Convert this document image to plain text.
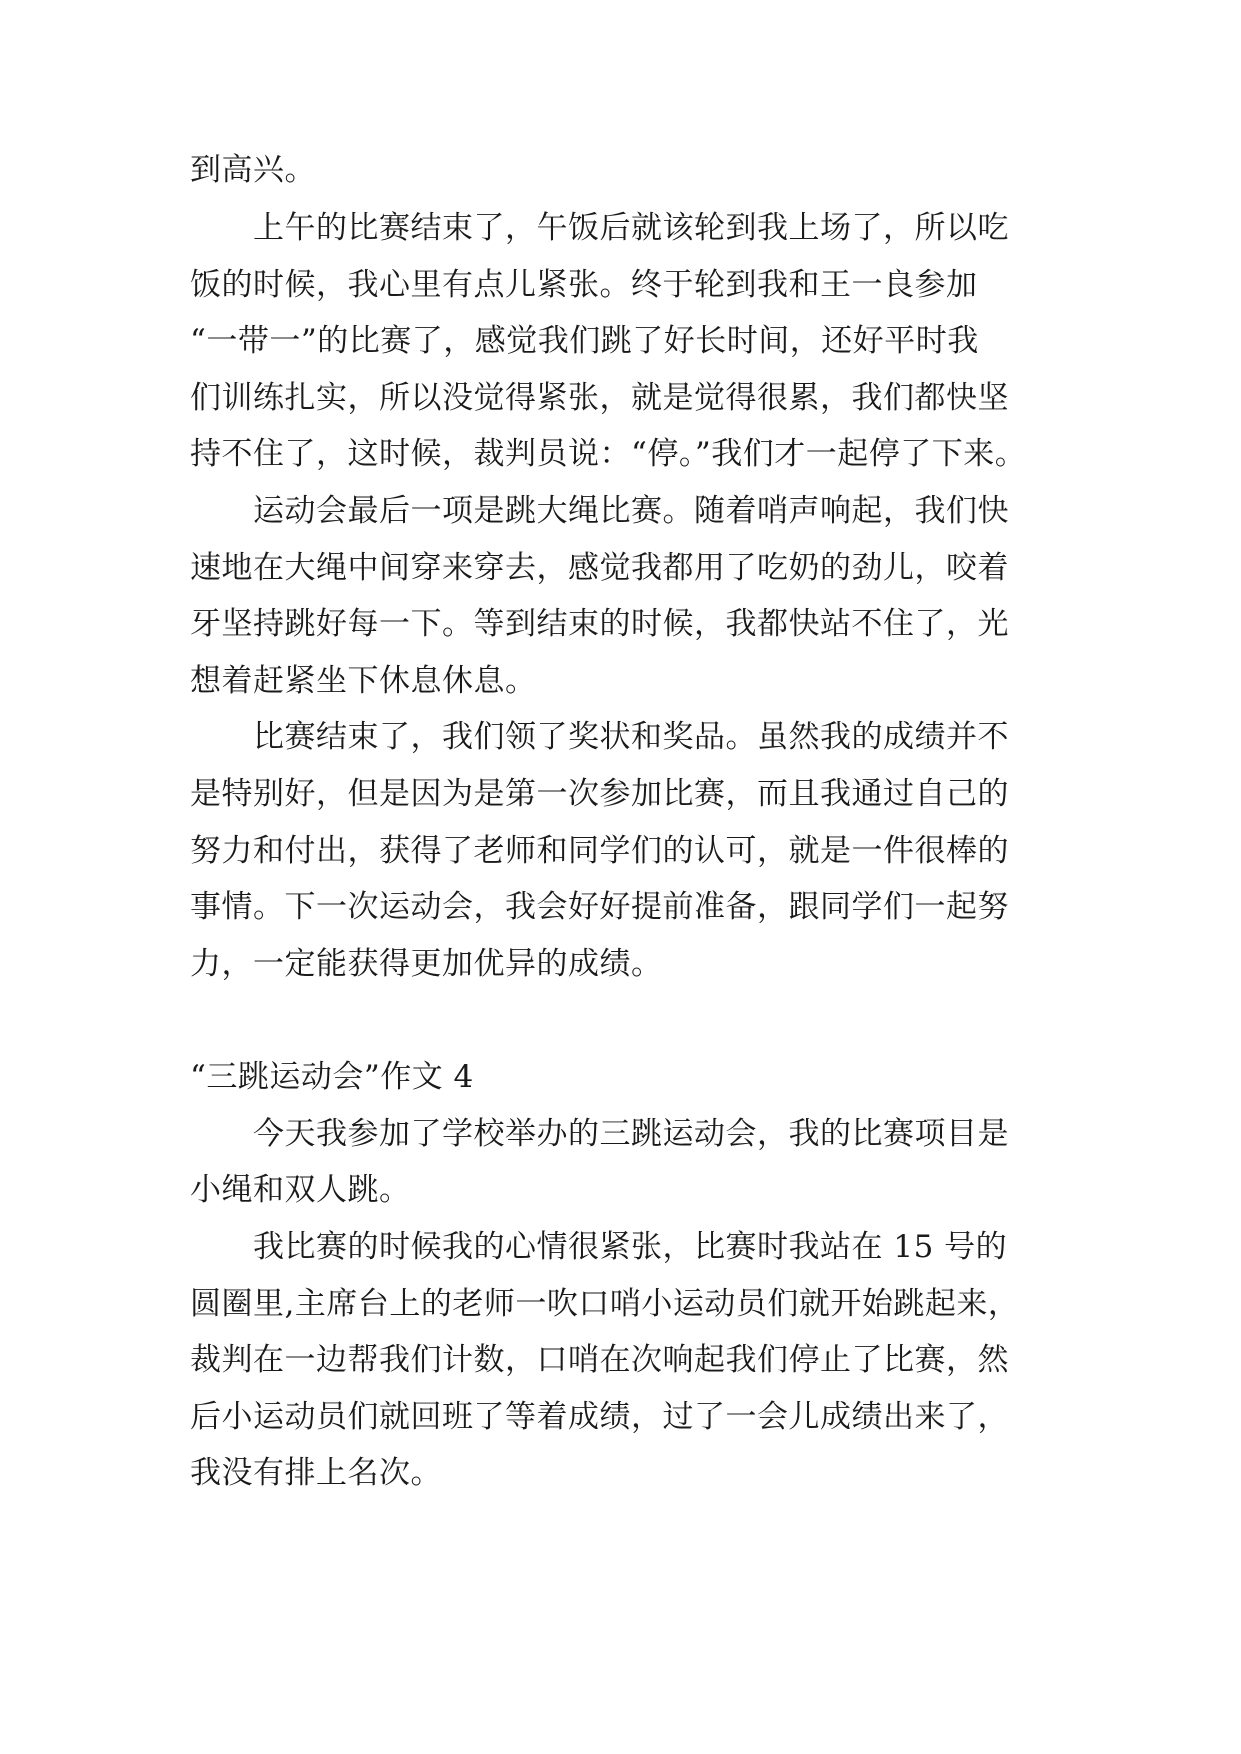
到高兴。
上午的比赛结束了，午饭后就该轮到我上场了，所以吃
饭的时候，我心里有点儿紧张。终于轮到我和王一良参加
“一带一”的比赛了，感觉我们跳了好长时间，还好平时我
们训练扎实，所以没觉得紧张，就是觉得很累，我们都快坚
持不住了，这时候，裁判员说：“停。”我们才一起停了下来。
运动会最后一项是跳大绳比赛。随着哨声响起，我们快
速地在大绳中间穿来穿去，感觉我都用了吃奶的劲儿，咬着
牙坚持跳好每一下。等到结束的时候，我都快站不住了，光
想着赶紧坐下休息休息。
比赛结束了，我们领了奖状和奖品。虽然我的成绩并不
是特别好，但是因为是第一次参加比赛，而且我通过自己的
努力和付出，获得了老师和同学们的认可，就是一件很棒的
事情。下一次运动会，我会好好提前准备，跟同学们一起努
力，一定能获得更加优异的成绩。
“三跳运动会”作文 4
今天我参加了学校举办的三跳运动会，我的比赛项目是
小绳和双人跳。
我比赛的时候我的心情很紧张，比赛时我站在 15 号的
圆圈里,主席台上的老师一吹口哨小运动员们就开始跳起来，
裁判在一边帮我们计数，口哨在次响起我们停止了比赛，然
后小运动员们就回班了等着成绩，过了一会儿成绩出来了，
我没有排上名次。
